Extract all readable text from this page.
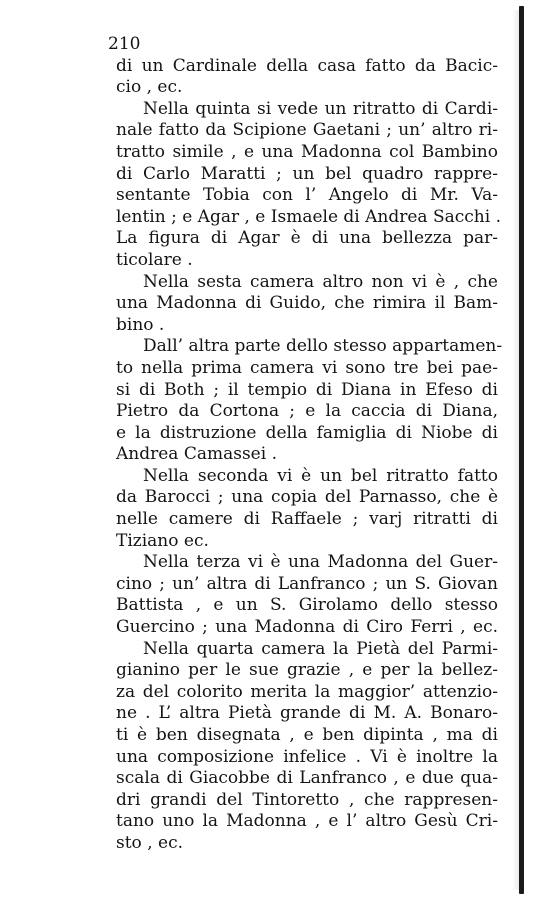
210
di un Cardinale della casa fatto da Bacic-
cio , ec.
Nella quinta si vede un ritratto di Cardi-
nale fatto da Scipione Gaetani ; un’ altro ri-
tratto simile , e una Madonna col Bambino
di Carlo Maratti ; un bel quadro rappre-
sentante Tobia con l’ Angelo di Mr. Va-
lentin ; e Agar , e Ismaele di Andrea Sacchi .
La figura di Agar è di una bellezza par-
ticolare .
Nella sesta camera altro non vi è , che
una Madonna di Guido, che rimira il Bam-
bino .
Dall’ altra parte dello stesso appartamen-
to nella prima camera vi sono tre bei pae-
si di Both ; il tempio di Diana in Efeso di
Pietro da Cortona ; e la caccia di Diana,
e la distruzione della famiglia di Niobe di
Andrea Camassei .
Nella seconda vi è un bel ritratto fatto
da Barocci ; una copia del Parnasso, che è
nelle camere di Raffaele ; varj ritratti di
Tiziano ec.
Nella terza vi è una Madonna del Guer-
cino ; un’ altra di Lanfranco ; un S. Giovan
Battista , e un S. Girolamo dello stesso
Guercino ; una Madonna di Ciro Ferri , ec.
Nella quarta camera la Pietà del Parmi-
gianino per le sue grazie , e per la bellez-
za del colorito merita la maggior’ attenzio-
ne . L’ altra Pietà grande di M. A. Bonaro-
ti è ben disegnata , e ben dipinta , ma di
una composizione infelice . Vi è inoltre la
scala di Giacobbe di Lanfranco , e due qua-
dri grandi del Tintoretto , che rappresen-
tano uno la Madonna , e l’ altro Gesù Cri-
sto , ec.
